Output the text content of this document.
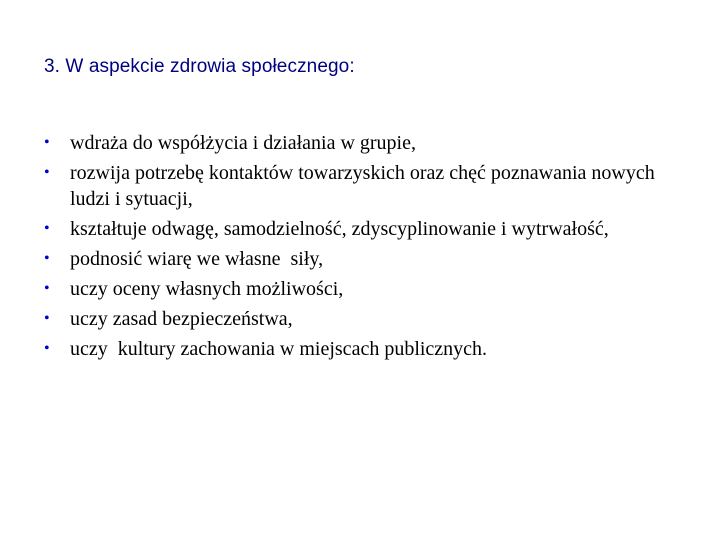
3. W aspekcie zdrowia społecznego:
•	wdraża do współżycia i działania w grupie,
•	rozwija potrzebę kontaktów towarzyskich oraz chęć poznawania nowych ludzi i sytuacji,
•	kształtuje odwagę, samodzielność, zdyscyplinowanie i wytrwałość,
•	podnosić wiarę we własne  siły,
•	uczy oceny własnych możliwości,
•	uczy zasad bezpieczeństwa,
•	uczy  kultury zachowania w miejscach publicznych.
